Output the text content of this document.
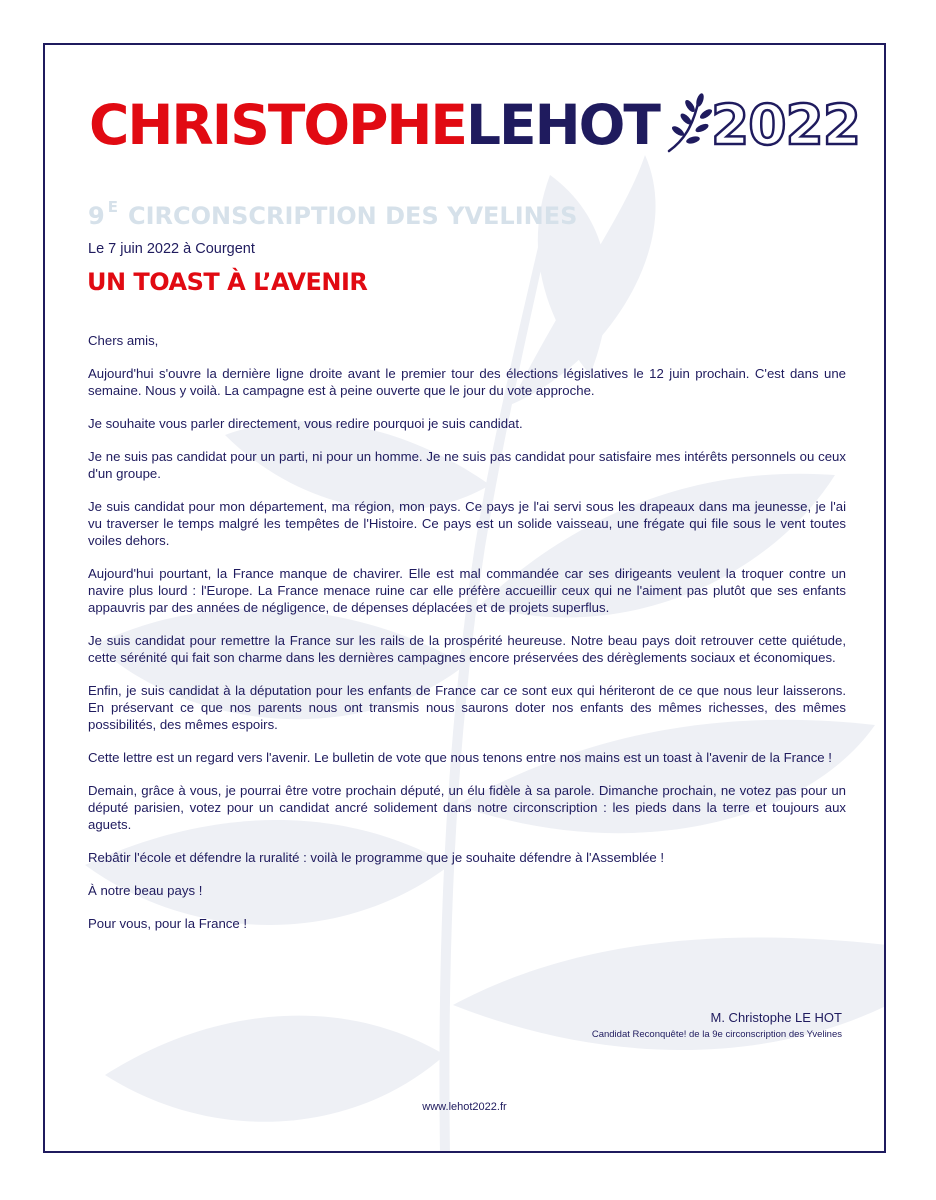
CHRISTOPHE LEHOT 2022
9 $^E$ CIRCONSCRIPTION DES YVELINES
Le 7 juin 2022 à Courgent
UN TOAST À L’AVENIR

Chers amis,

Aujourd'hui s'ouvre la dernière ligne droite avant le premier tour des élections législatives le 12 juin prochain. C'est dans une semaine. Nous y voilà. La campagne est à peine ouverte que le jour du vote approche.

Je souhaite vous parler directement, vous redire pourquoi je suis candidat.

Je ne suis pas candidat pour un parti, ni pour un homme. Je ne suis pas candidat pour satisfaire mes intérêts personnels ou ceux d'un groupe.

Je suis candidat pour mon département, ma région, mon pays. Ce pays je l'ai servi sous les drapeaux dans ma jeunesse, je l'ai vu traverser le temps malgré les tempêtes de l'Histoire. Ce pays est un solide vaisseau, une frégate qui file sous le vent toutes voiles dehors.

Aujourd'hui pourtant, la France manque de chavirer. Elle est mal commandée car ses dirigeants veulent la troquer contre un navire plus lourd : l'Europe. La France menace ruine car elle préfère accueillir ceux qui ne l'aiment pas plutôt que ses enfants appauvris par des années de négligence, de dépenses déplacées et de projets superflus.

Je suis candidat pour remettre la France sur les rails de la prospérité heureuse. Notre beau pays doit retrouver cette quiétude, cette sérénité qui fait son charme dans les dernières campagnes encore préservées des dérèglements sociaux et économiques.

Enfin, je suis candidat à la députation pour les enfants de France car ce sont eux qui hériteront de ce que nous leur laisserons. En préservant ce que nos parents nous ont transmis nous saurons doter nos enfants des mêmes richesses, des mêmes possibilités, des mêmes espoirs.

Cette lettre est un regard vers l'avenir. Le bulletin de vote que nous tenons entre nos mains est un toast à l'avenir de la France !

Demain, grâce à vous, je pourrai être votre prochain député, un élu fidèle à sa parole. Dimanche prochain, ne votez pas pour un député parisien, votez pour un candidat ancré solidement dans notre circonscription : les pieds dans la terre et toujours aux aguets.

Rebâtir l'école et défendre la ruralité : voilà le programme que je souhaite défendre à l'Assemblée !

À notre beau pays !

Pour vous, pour la France !

M. Christophe LE HOT
Candidat Reconquête! de la 9e circonscription des Yvelines
www.lehot2022.fr
